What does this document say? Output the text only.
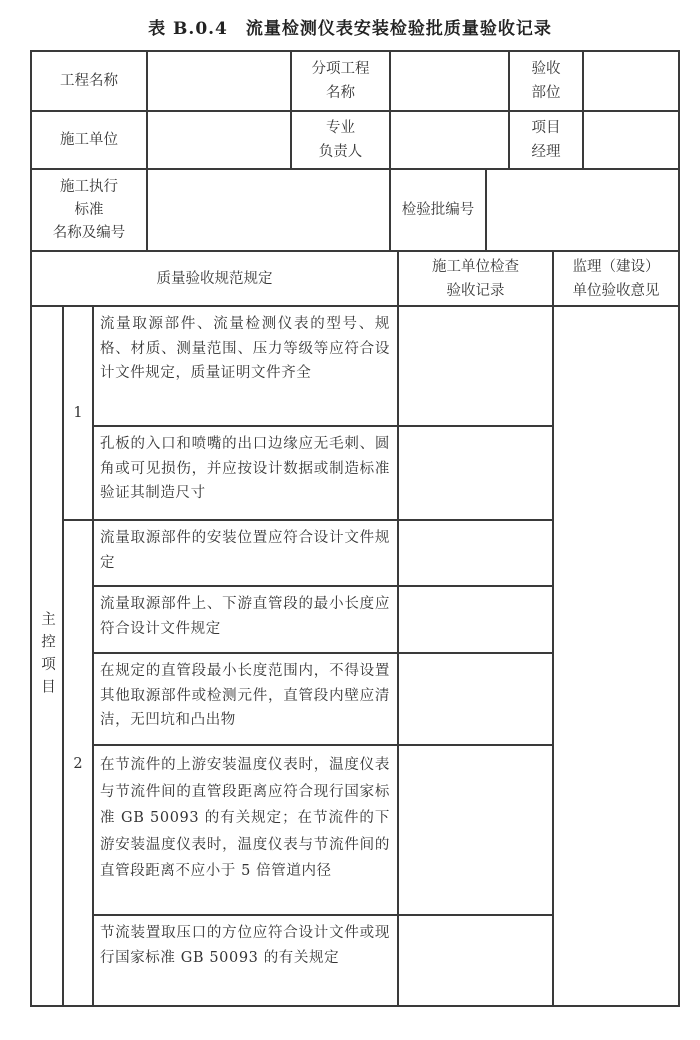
表 B.0.4 流量检测仪表安装检验批质量验收记录
工程名称
分项工程
名称
验收
部位
施工单位
专业
负责人
项目
经理
施工执行
标准
名称及编号
检验批编号
质量验收规范规定
施工单位检查
验收记录
监理（建设）
单位验收意见
主控项目
1
2
流量取源部件、流量检测仪表的型号、规格、材质、测量范围、压力等级等应符合设计文件规定，质量证明文件齐全
孔板的入口和喷嘴的出口边缘应无毛刺、圆角或可见损伤，并应按设计数据或制造标准验证其制造尺寸
流量取源部件的安装位置应符合设计文件规定
流量取源部件上、下游直管段的最小长度应符合设计文件规定
在规定的直管段最小长度范围内，不得设置其他取源部件或检测元件，直管段内壁应清洁，无凹坑和凸出物
在节流件的上游安装温度仪表时，温度仪表与节流件间的直管段距离应符合现行国家标准 GB 50093 的有关规定；在节流件的下游安装温度仪表时，温度仪表与节流件间的直管段距离不应小于 5 倍管道内径
节流装置取压口的方位应符合设计文件或现行国家标准 GB 50093 的有关规定
